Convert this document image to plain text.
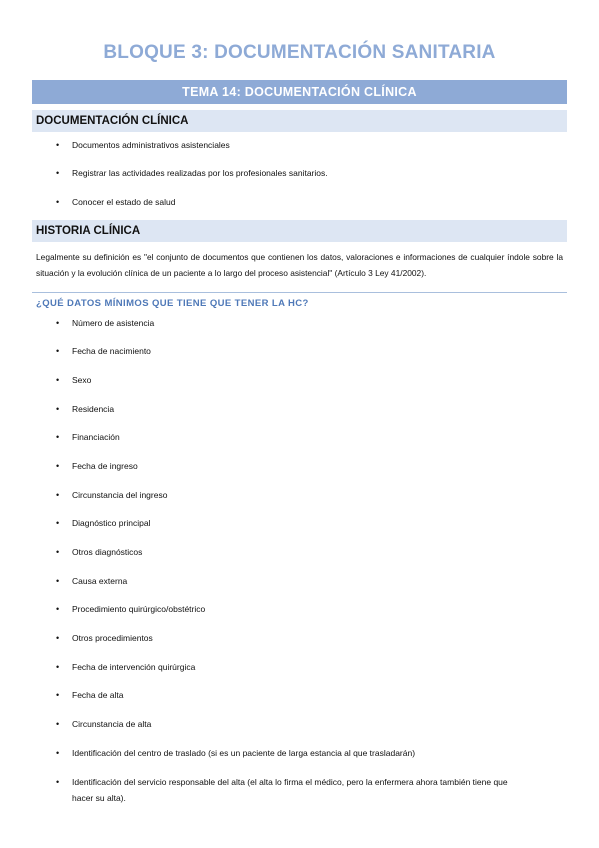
BLOQUE 3: DOCUMENTACIÓN SANITARIA
TEMA 14: DOCUMENTACIÓN CLÍNICA
DOCUMENTACIÓN CLÍNICA
• Documentos administrativos asistenciales
• Registrar las actividades realizadas por los profesionales sanitarios.
• Conocer el estado de salud
HISTORIA CLÍNICA
Legalmente su definición es "el conjunto de documentos que contienen los datos, valoraciones e informaciones de cualquier índole sobre la situación y la evolución clínica de un paciente a lo largo del proceso asistencial" (Artículo 3 Ley 41/2002).
¿QUÉ DATOS MÍNIMOS QUE TIENE QUE TENER LA HC?
• Número de asistencia
• Fecha de nacimiento
• Sexo
• Residencia
• Financiación
• Fecha de ingreso
• Circunstancia del ingreso
• Diagnóstico principal
• Otros diagnósticos
• Causa externa
• Procedimiento quirúrgico/obstétrico
• Otros procedimientos
• Fecha de intervención quirúrgica
• Fecha de alta
• Circunstancia de alta
• Identificación del centro de traslado (si es un paciente de larga estancia al que trasladarán)
• Identificación del servicio responsable del alta (el alta lo firma el médico, pero la enfermera ahora también tiene que
hacer su alta).
